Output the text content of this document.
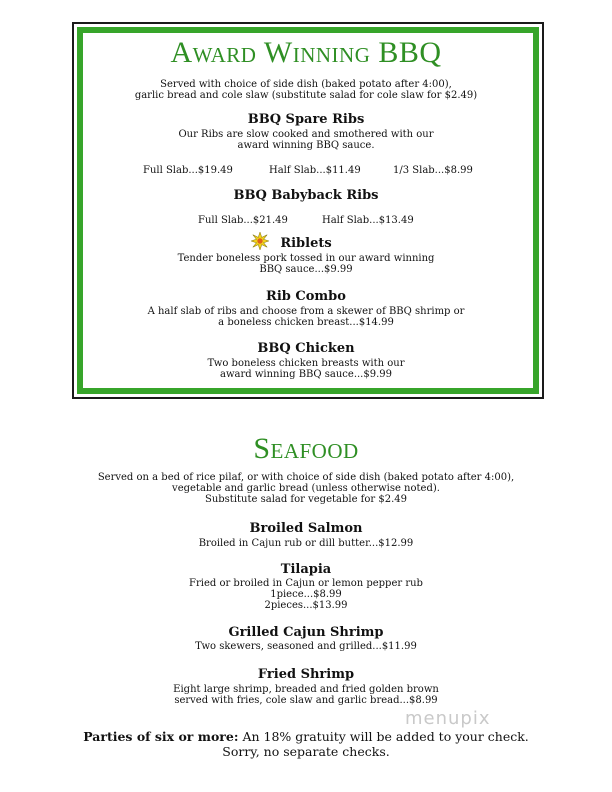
Award Winning BBQ
Served with choice of side dish (baked potato after 4:00),
garlic bread and cole slaw (substitute salad for cole slaw for $2.49)
BBQ Spare Ribs
Our Ribs are slow cooked and smothered with our
award winning BBQ sauce.
Full Slab...$19.49	Half Slab...$11.49	1/3 Slab...$8.99
BBQ Babyback Ribs
Full Slab...$21.49	Half Slab...$13.49
Riblets
Tender boneless pork tossed in our award winning
BBQ sauce...$9.99
Rib Combo
A half slab of ribs and choose from a skewer of BBQ shrimp or
a boneless chicken breast...$14.99
BBQ Chicken
Two boneless chicken breasts with our
award winning BBQ sauce...$9.99
Seafood
Served on a bed of rice pilaf, or with choice of side dish (baked potato after 4:00),
vegetable and garlic bread (unless otherwise noted).
Substitute salad for vegetable for $2.49
Broiled Salmon
Broiled in Cajun rub or dill butter...$12.99
Tilapia
Fried or broiled in Cajun or lemon pepper rub
1piece...$8.99
2pieces...$13.99
Grilled Cajun Shrimp
Two skewers, seasoned and grilled...$11.99
Fried Shrimp
Eight large shrimp, breaded and fried golden brown
served with fries, cole slaw and garlic bread...$8.99
menupix
Parties of six or more: An 18% gratuity will be added to your check.
Sorry, no separate checks.
